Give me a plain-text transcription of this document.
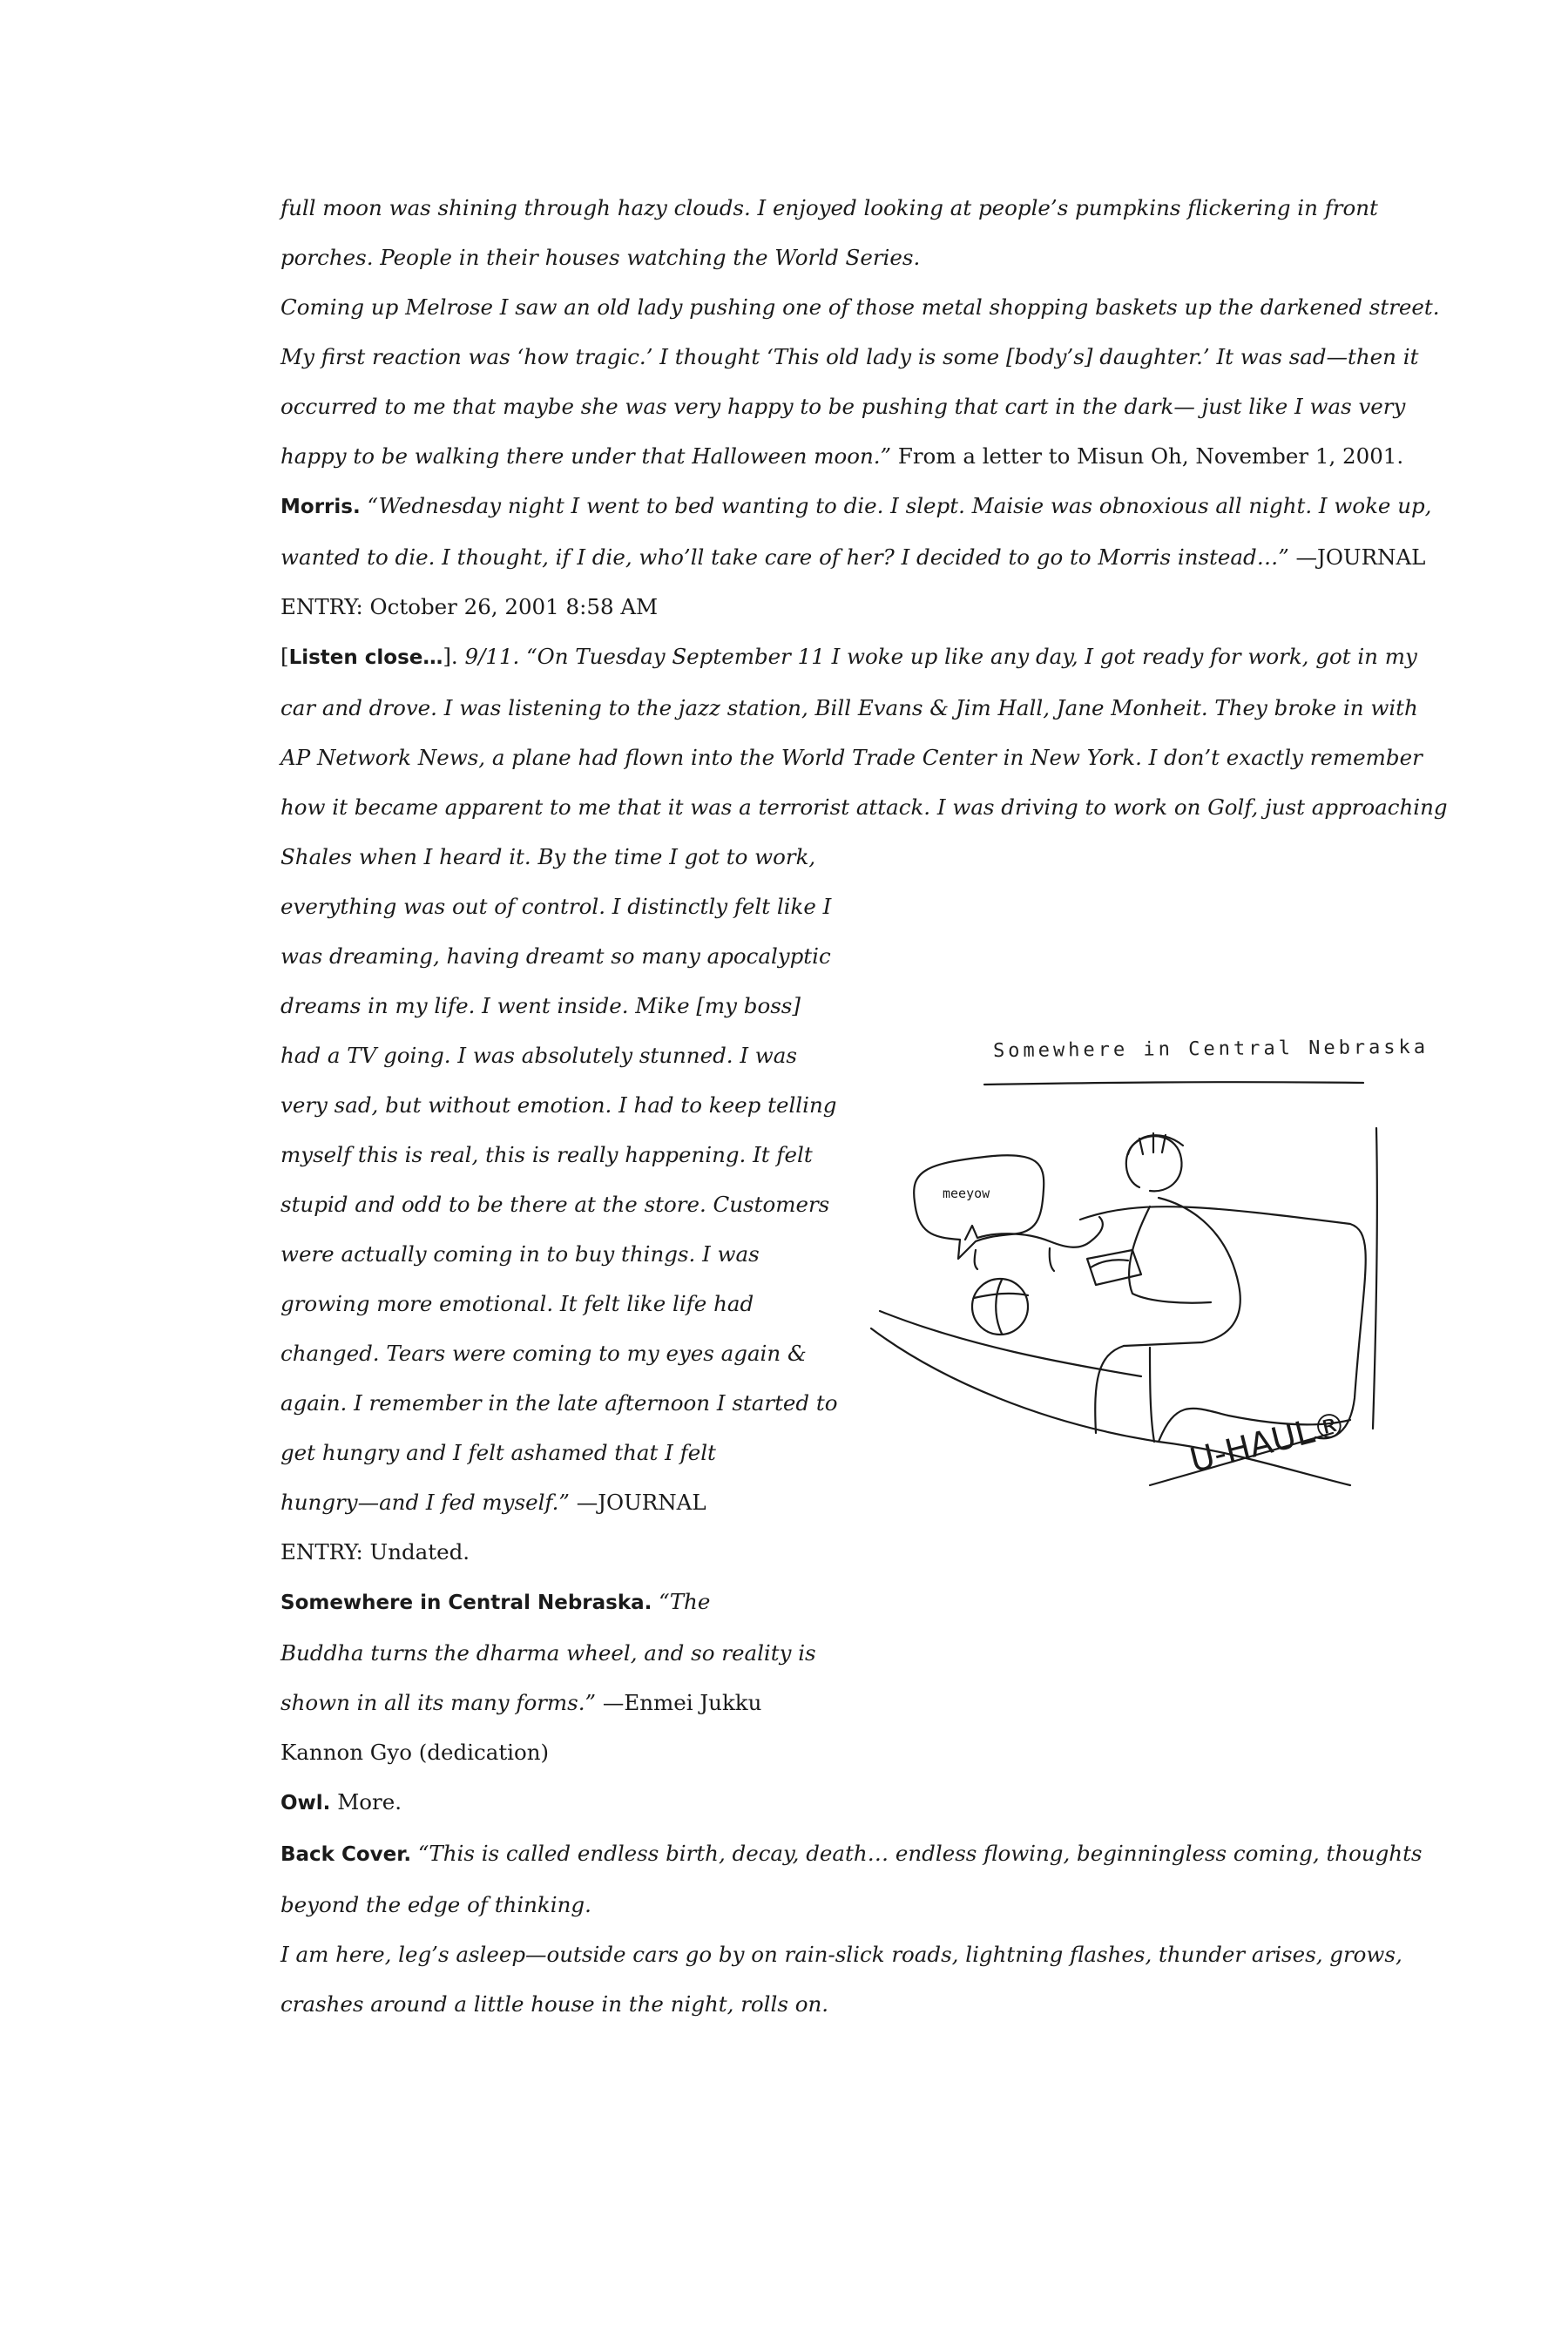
full moon was shining through hazy clouds. I enjoyed looking at people’s pumpkins flickering in front

porches. People in their houses watching the World Series.

Coming up Melrose I saw an old lady pushing one of those metal shopping baskets up the darkened street.

My first reaction was ‘how tragic.’ I thought ‘This old lady is some [body’s] daughter.’ It was sad—then it

occurred to me that maybe she was very happy to be pushing that cart in the dark— just like I was very

happy to be walking there under that Halloween moon.” From a letter to Misun Oh, November 1, 2001.

Morris. “Wednesday night I went to bed wanting to die. I slept. Maisie was obnoxious all night. I woke up,

wanted to die. I thought, if I die, who’ll take care of her? I decided to go to Morris instead…” —JOURNAL

ENTRY: October 26, 2001 8:58 AM

[Listen close…]. 9/11. “On Tuesday September 11 I woke up like any day, I got ready for work, got in my

car and drove. I was listening to the jazz station, Bill Evans & Jim Hall, Jane Monheit. They broke in with

AP Network News, a plane had flown into the World Trade Center in New York. I don’t exactly remember

how it became apparent to me that it was a terrorist attack. I was driving to work on Golf, just approaching

Shales when I heard it. By the time I got to work,

everything was out of control. I distinctly felt like I

was dreaming, having dreamt so many apocalyptic

dreams in my life. I went inside. Mike [my boss]

had a TV going. I was absolutely stunned. I was

very sad, but without emotion. I had to keep telling

myself this is real, this is really happening. It felt

stupid and odd to be there at the store. Customers

were actually coming in to buy things. I was

growing more emotional. It felt like life had

changed. Tears were coming to my eyes again &

again. I remember in the late afternoon I started to

get hungry and I felt ashamed that I felt

hungry—and I fed myself.” —JOURNAL

ENTRY: Undated.

Somewhere in Central Nebraska. “The

Buddha turns the dharma wheel, and so reality is

shown in all its many forms.” —Enmei Jukku

Kannon Gyo (dedication)

Owl. More.

Back Cover. “This is called endless birth, decay, death… endless flowing, beginningless coming, thoughts

beyond the edge of thinking.

I am here, leg’s asleep—outside cars go by on rain-slick roads, lightning flashes, thunder arises, grows,

crashes around a little house in the night, rolls on.

Somewhere in Central Nebraska
meeyow
U-HAUL®
